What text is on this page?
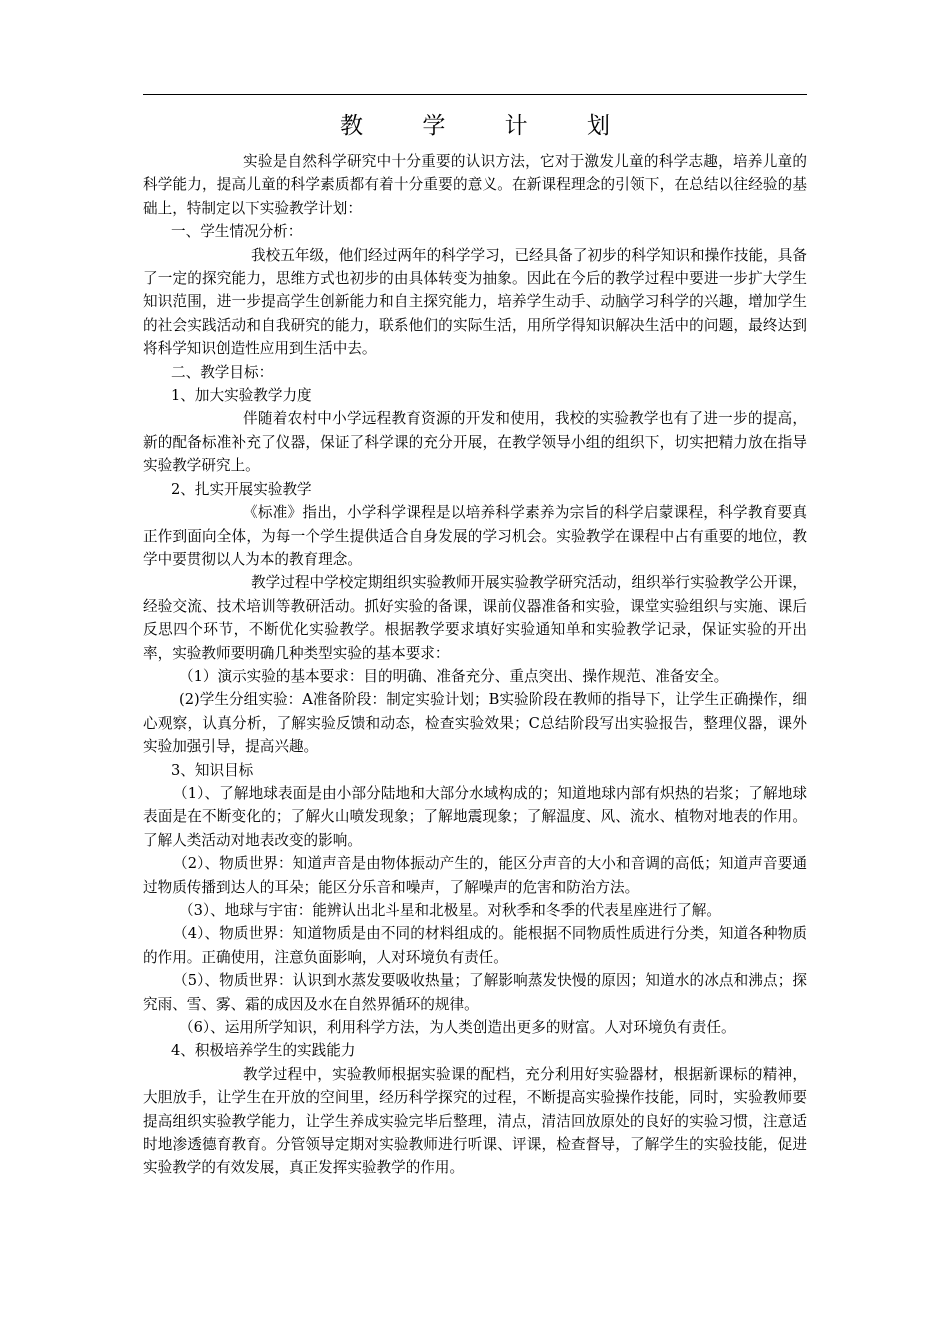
教 学 计 划

实验是自然科学研究中十分重要的认识方法，它对于激发儿童的科学志趣，培养儿童的科学能力，提高儿童的科学素质都有着十分重要的意义。在新课程理念的引领下，在总结以往经验的基础上，特制定以下实验教学计划：

一、学生情况分析：

我校五年级，他们经过两年的科学学习，已经具备了初步的科学知识和操作技能，具备了一定的探究能力，思维方式也初步的由具体转变为抽象。因此在今后的教学过程中要进一步扩大学生知识范围，进一步提高学生创新能力和自主探究能力，培养学生动手、动脑学习科学的兴趣，增加学生的社会实践活动和自我研究的能力，联系他们的实际生活，用所学得知识解决生活中的问题，最终达到将科学知识创造性应用到生活中去。

二、教学目标：

1、加大实验教学力度

伴随着农村中小学远程教育资源的开发和使用，我校的实验教学也有了进一步的提高，新的配备标准补充了仪器，保证了科学课的充分开展，在教学领导小组的组织下，切实把精力放在指导实验教学研究上。

2、扎实开展实验教学

《标准》指出，小学科学课程是以培养科学素养为宗旨的科学启蒙课程，科学教育要真正作到面向全体，为每一个学生提供适合自身发展的学习机会。实验教学在课程中占有重要的地位，教学中要贯彻以人为本的教育理念。

教学过程中学校定期组织实验教师开展实验教学研究活动，组织举行实验教学公开课，经验交流、技术培训等教研活动。抓好实验的备课，课前仪器准备和实验，课堂实验组织与实施、课后反思四个环节，不断优化实验教学。根据教学要求填好实验通知单和实验教学记录，保证实验的开出率，实验教师要明确几种类型实验的基本要求：

（1）演示实验的基本要求：目的明确、准备充分、重点突出、操作规范、准备安全。

(2)学生分组实验：A准备阶段：制定实验计划；B实验阶段在教师的指导下，让学生正确操作，细心观察，认真分析，了解实验反馈和动态，检查实验效果；C总结阶段写出实验报告，整理仪器，课外实验加强引导，提高兴趣。

3、知识目标

（1）、了解地球表面是由小部分陆地和大部分水域构成的；知道地球内部有炽热的岩浆；了解地球表面是在不断变化的；了解火山喷发现象；了解地震现象；了解温度、风、流水、植物对地表的作用。了解人类活动对地表改变的影响。

（2）、物质世界：知道声音是由物体振动产生的，能区分声音的大小和音调的高低；知道声音要通过物质传播到达人的耳朵；能区分乐音和噪声，了解噪声的危害和防治方法。

（3）、地球与宇宙：能辨认出北斗星和北极星。对秋季和冬季的代表星座进行了解。

（4）、物质世界：知道物质是由不同的材料组成的。能根据不同物质性质进行分类，知道各种物质的作用。正确使用，注意负面影响，人对环境负有责任。

（5）、物质世界：认识到水蒸发要吸收热量；了解影响蒸发快慢的原因；知道水的冰点和沸点；探究雨、雪、雾、霜的成因及水在自然界循环的规律。

（6）、运用所学知识，利用科学方法，为人类创造出更多的财富。人对环境负有责任。

4、积极培养学生的实践能力

教学过程中，实验教师根据实验课的配档，充分利用好实验器材，根据新课标的精神，大胆放手，让学生在开放的空间里，经历科学探究的过程，不断提高实验操作技能，同时，实验教师要提高组织实验教学能力，让学生养成实验完毕后整理，清点，清洁回放原处的良好的实验习惯，注意适时地渗透德育教育。分管领导定期对实验教师进行听课、评课，检查督导，了解学生的实验技能，促进实验教学的有效发展，真正发挥实验教学的作用。
